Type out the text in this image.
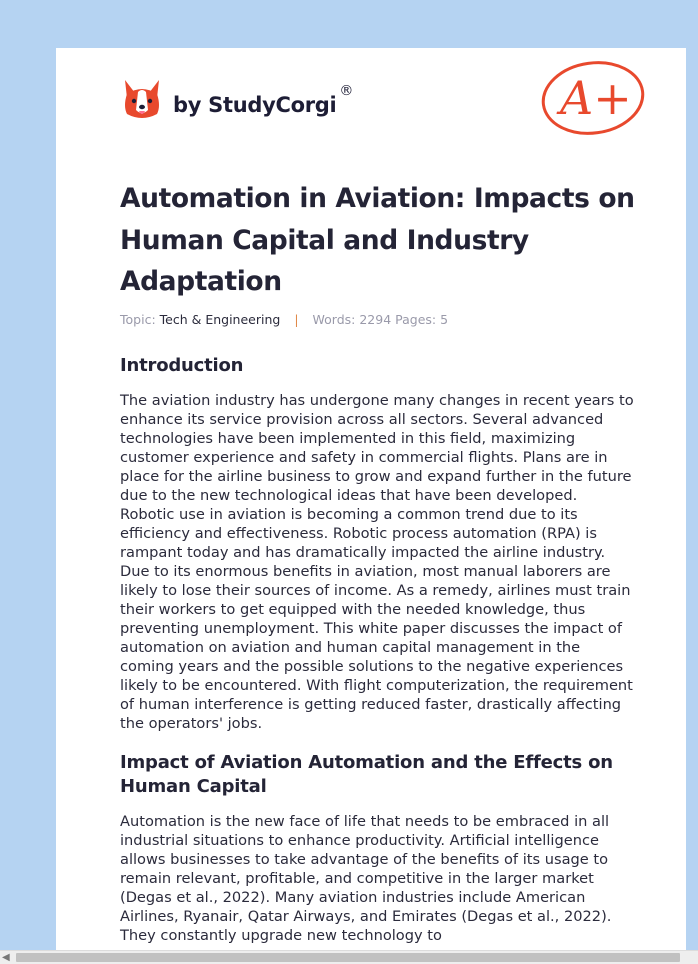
by StudyCorgi®	A+
Automation in Aviation: Impacts on Human Capital and Industry Adaptation
Topic: Tech & Engineering | Words: 2294 Pages: 5
Introduction

The aviation industry has undergone many changes in recent years to enhance its service provision across all sectors. Several advanced technologies have been implemented in this field, maximizing customer experience and safety in commercial flights. Plans are in place for the airline business to grow and expand further in the future due to the new technological ideas that have been developed. Robotic use in aviation is becoming a common trend due to its efficiency and effectiveness. Robotic process automation (RPA) is rampant today and has dramatically impacted the airline industry. Due to its enormous benefits in aviation, most manual laborers are likely to lose their sources of income. As a remedy, airlines must train their workers to get equipped with the needed knowledge, thus preventing unemployment. This white paper discusses the impact of automation on aviation and human capital management in the coming years and the possible solutions to the negative experiences likely to be encountered. With flight computerization, the requirement of human interference is getting reduced faster, drastically affecting the operators' jobs.

Impact of Aviation Automation and the Effects on Human Capital

Automation is the new face of life that needs to be embraced in all industrial situations to enhance productivity. Artificial intelligence allows businesses to take advantage of the benefits of its usage to remain relevant, profitable, and competitive in the larger market (Degas et al., 2022). Many aviation industries include American Airlines, Ryanair, Qatar Airways, and Emirates (Degas et al., 2022). They constantly upgrade new technology to

◀
